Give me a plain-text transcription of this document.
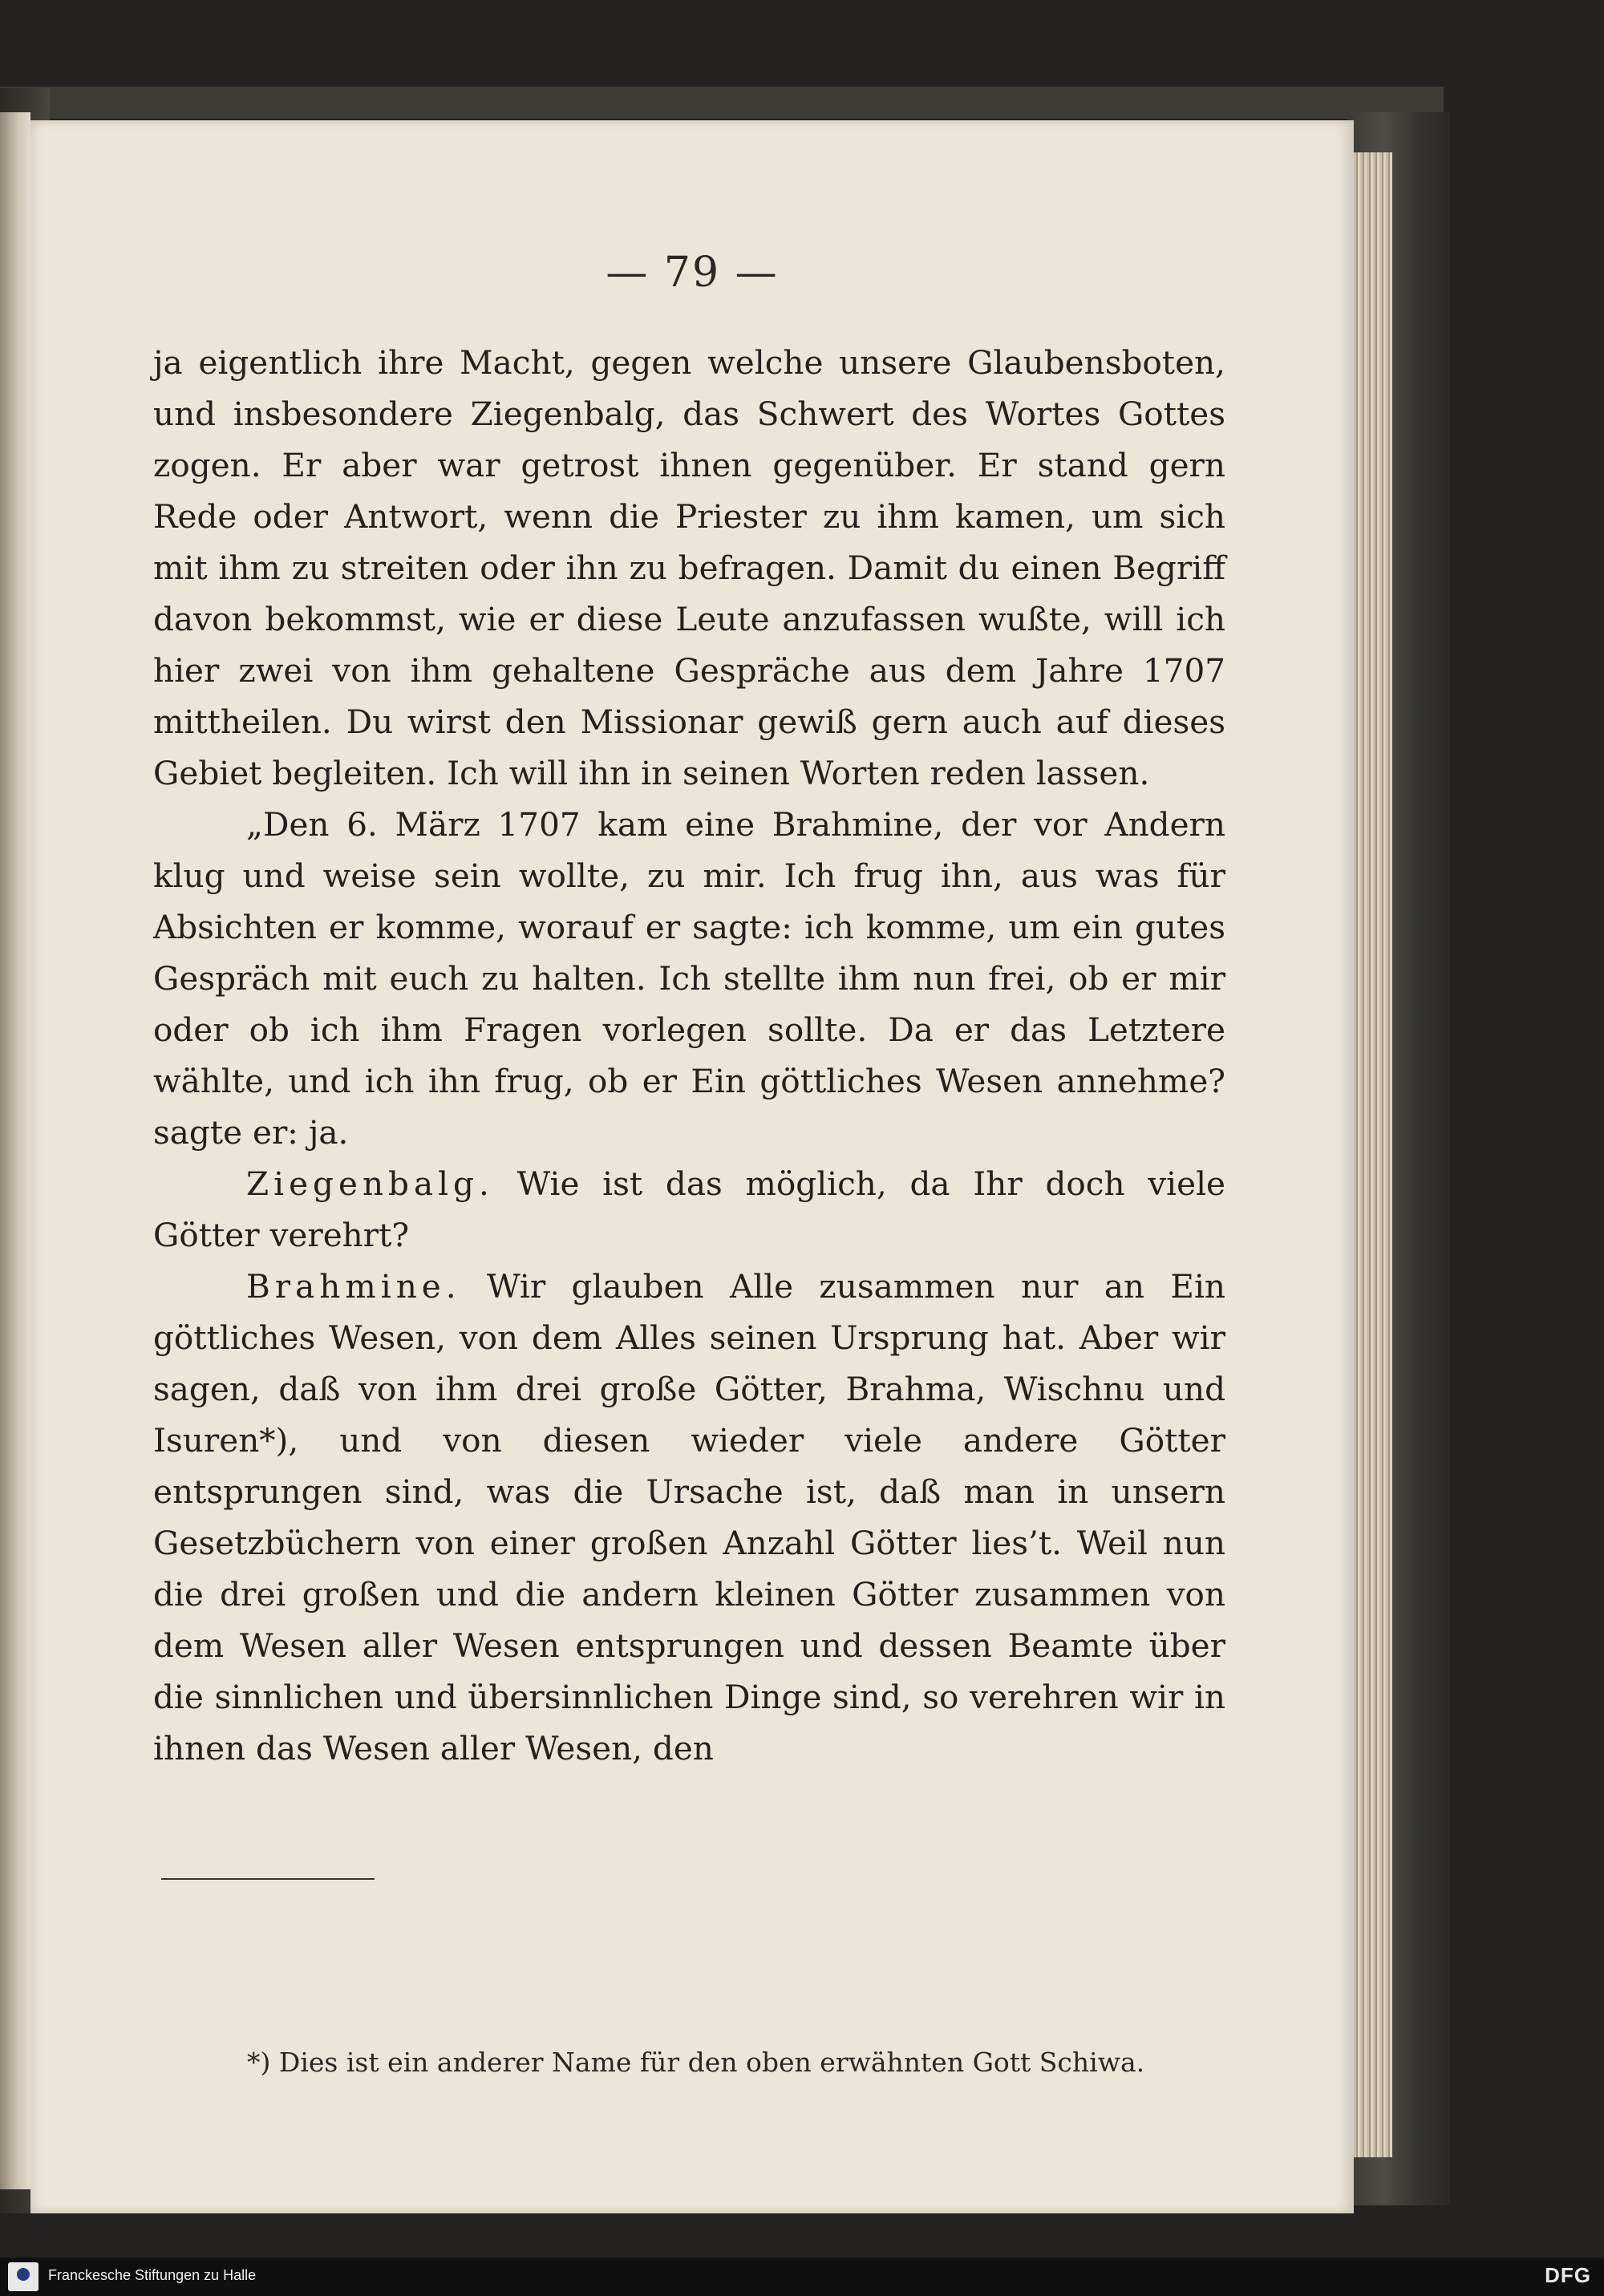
— 79 —

ja eigentlich ihre Macht, gegen welche unsere Glaubensboten, und insbesondere Ziegenbalg, das Schwert des Wortes Gottes zogen. Er aber war getrost ihnen gegenüber. Er stand gern Rede oder Antwort, wenn die Priester zu ihm kamen, um sich mit ihm zu streiten oder ihn zu befragen. Damit du einen Begriff davon bekommst, wie er diese Leute anzufassen wußte, will ich hier zwei von ihm gehaltene Gespräche aus dem Jahre 1707 mittheilen. Du wirst den Missionar gewiß gern auch auf dieses Gebiet begleiten. Ich will ihn in seinen Worten reden lassen.

„Den 6. März 1707 kam eine Brahmine, der vor Andern klug und weise sein wollte, zu mir. Ich frug ihn, aus was für Absichten er komme, worauf er sagte: ich komme, um ein gutes Gespräch mit euch zu halten. Ich stellte ihm nun frei, ob er mir oder ob ich ihm Fragen vorlegen sollte. Da er das Letztere wählte, und ich ihn frug, ob er Ein göttliches Wesen annehme? sagte er: ja.

Ziegenbalg. Wie ist das möglich, da Ihr doch viele Götter verehrt?

Brahmine. Wir glauben Alle zusammen nur an Ein göttliches Wesen, von dem Alles seinen Ursprung hat. Aber wir sagen, daß von ihm drei große Götter, Brahma, Wischnu und Isuren*), und von diesen wieder viele andere Götter entsprungen sind, was die Ursache ist, daß man in unsern Gesetzbüchern von einer großen Anzahl Götter lies’t. Weil nun die drei großen und die andern kleinen Götter zusammen von dem Wesen aller Wesen entsprungen und dessen Beamte über die sinnlichen und übersinnlichen Dinge sind, so verehren wir in ihnen das Wesen aller Wesen, den

*) Dies ist ein anderer Name für den oben erwähnten Gott Schiwa.

Franckesche Stiftungen zu Halle	DFG
